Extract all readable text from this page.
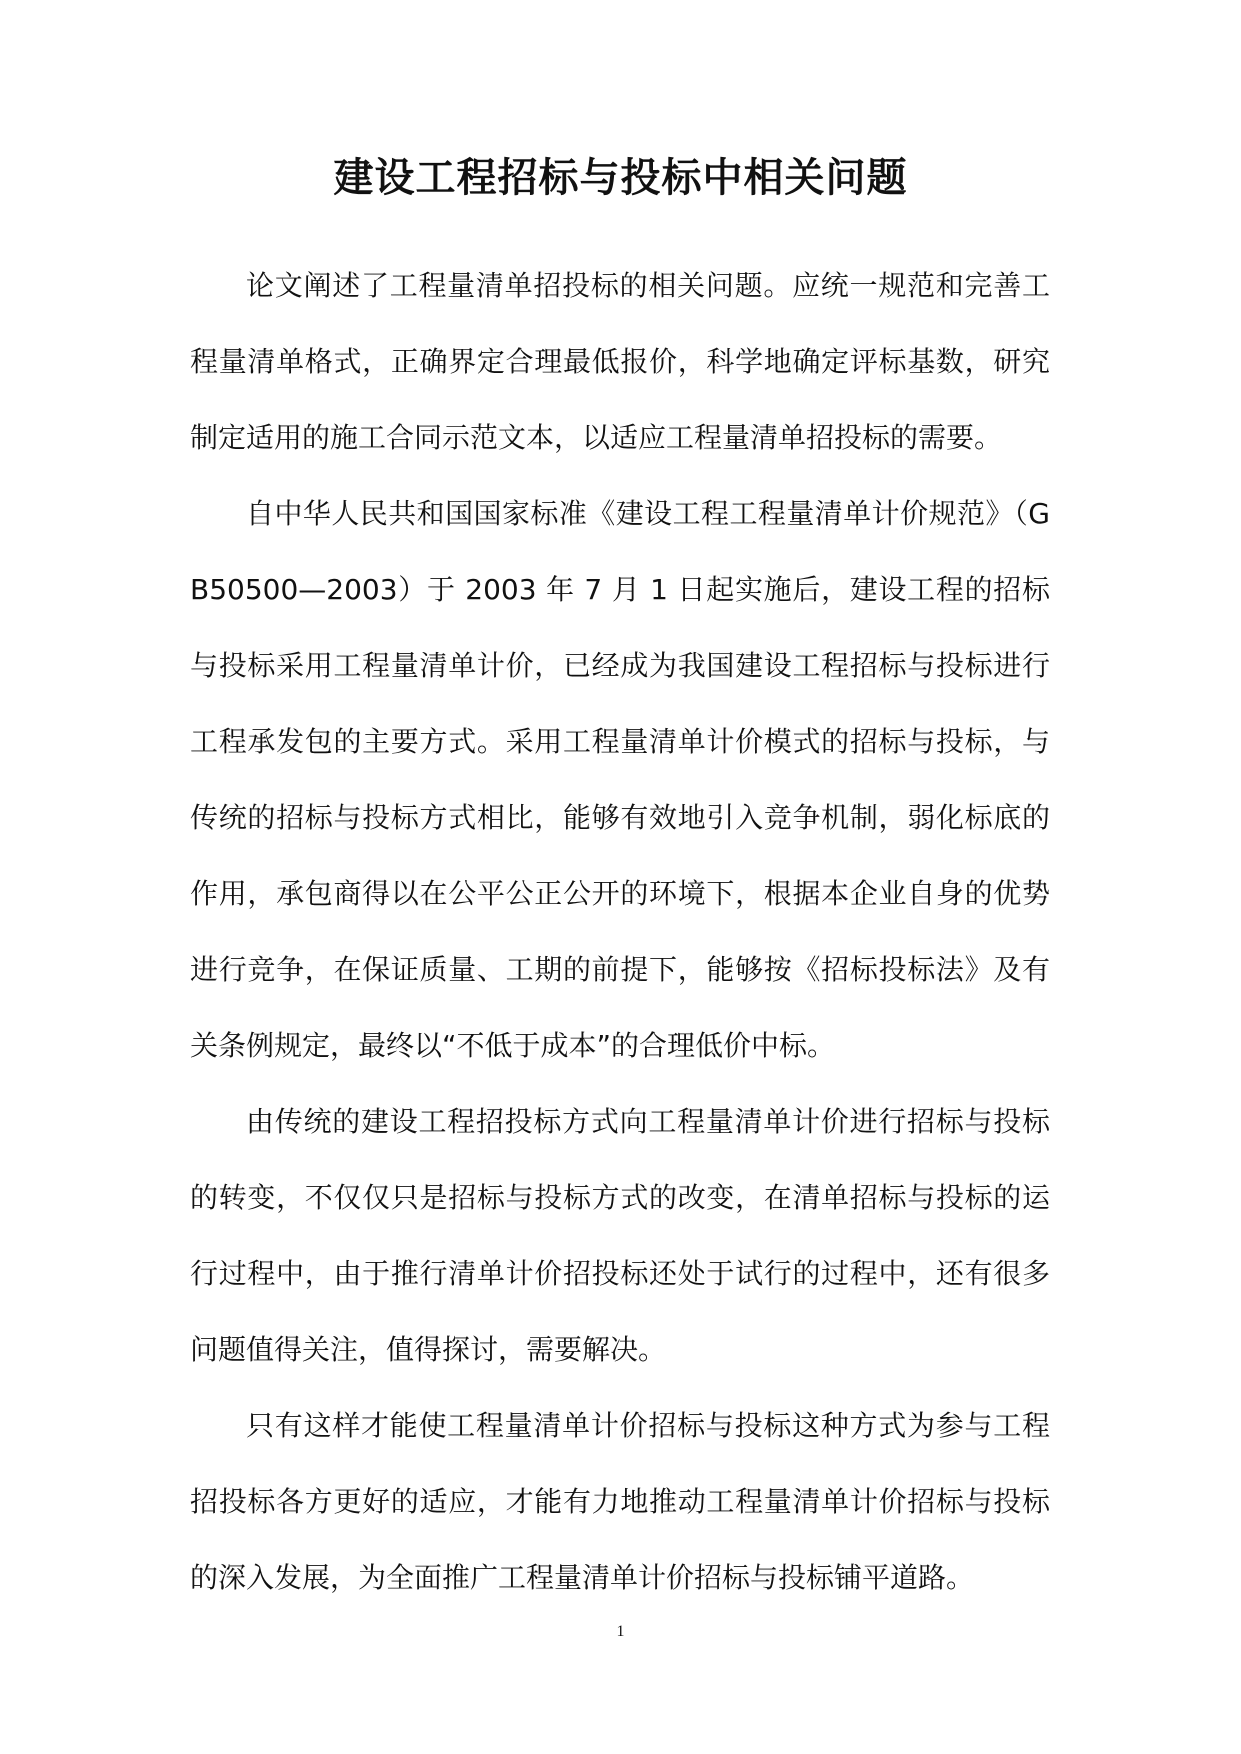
建设工程招标与投标中相关问题

论文阐述了工程量清单招投标的相关问题。应统一规范和完善工程量清单格式，正确界定合理最低报价，科学地确定评标基数，研究制定适用的施工合同示范文本，以适应工程量清单招投标的需要。

自中华人民共和国国家标准《建设工程工程量清单计价规范》（GB50500—2003）于 2003 年 7 月 1 日起实施后，建设工程的招标与投标采用工程量清单计价，已经成为我国建设工程招标与投标进行工程承发包的主要方式。采用工程量清单计价模式的招标与投标，与传统的招标与投标方式相比，能够有效地引入竞争机制，弱化标底的作用，承包商得以在公平公正公开的环境下，根据本企业自身的优势进行竞争，在保证质量、工期的前提下，能够按《招标投标法》及有关条例规定，最终以“不低于成本”的合理低价中标。

由传统的建设工程招投标方式向工程量清单计价进行招标与投标的转变，不仅仅只是招标与投标方式的改变，在清单招标与投标的运行过程中，由于推行清单计价招投标还处于试行的过程中，还有很多问题值得关注，值得探讨，需要解决。

只有这样才能使工程量清单计价招标与投标这种方式为参与工程招投标各方更好的适应，才能有力地推动工程量清单计价招标与投标的深入发展，为全面推广工程量清单计价招标与投标铺平道路。

1
